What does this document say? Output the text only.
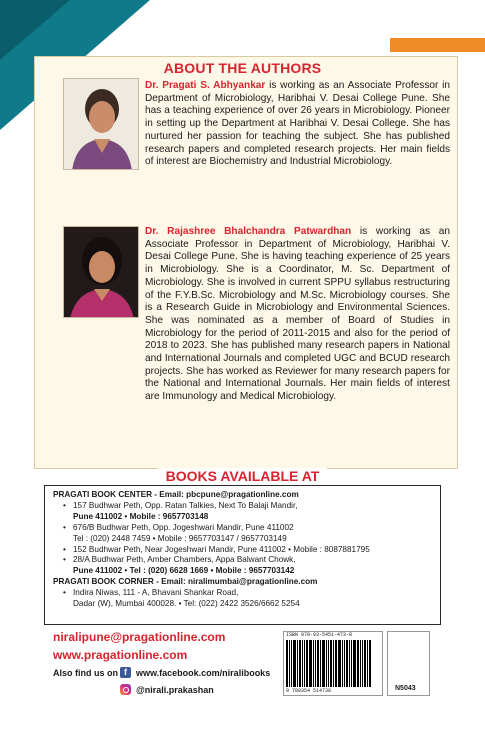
ABOUT THE AUTHORS
Dr. Pragati S. Abhyankar is working as an Associate Professor in Department of Microbiology, Haribhai V. Desai College Pune. She has a teaching experience of over 26 years in Microbiology. Pioneer in setting up the Department at Haribhai V. Desai College. She has nurtured her passion for teaching the subject. She has published research papers and completed research projects. Her main fields of interest are Biochemistry and Industrial Microbiology.
Dr. Rajashree Bhalchandra Patwardhan is working as an Associate Professor in Department of Microbiology, Haribhai V. Desai College Pune. She is having teaching experience of 25 years in Microbiology. She is a Coordinator, M. Sc. Department of Microbiology. She is involved in current SPPU syllabus restructuring of the F.Y.B.Sc. Microbiology and M.Sc. Microbiology courses. She is a Research Guide in Microbiology and Environmental Sciences. She was nominated as a member of Board of Studies in Microbiology for the period of 2011-2015 and also for the period of 2018 to 2023. She has published many research papers in National and International Journals and completed UGC and BCUD research projects. She has worked as Reviewer for many research papers for the National and International Journals. Her main fields of interest are Immunology and Medical Microbiology.
BOOKS AVAILABLE AT
PRAGATI BOOK CENTER - Email: pbcpune@pragationline.com
• 157 Budhwar Peth, Opp. Ratan Talkies, Next To Balaji Mandir,
Pune 411002 • Mobile : 9657703148
• 676/B Budhwar Peth, Opp. Jogeshwari Mandir, Pune 411002
Tel : (020) 2448 7459 • Mobile : 9657703147 / 9657703149
• 152 Budhwar Peth, Near Jogeshwari Mandir, Pune 411002 • Mobile : 8087881795
• 28/A Budhwar Peth, Amber Chambers, Appa Balwant Chowk,
Pune 411002 • Tel : (020) 6628 1669 • Mobile : 9657703142
PRAGATI BOOK CORNER - Email: niralimumbai@pragationline.com
• Indira Niwas, 111 - A, Bhavani Shankar Road,
Dadar (W), Mumbai 400028. • Tel: (022) 2422 3526/6662 5254
niralipune@pragationline.com
www.pragationline.com
Also find us on f	www.facebook.com/niralibooks
@nirali.prakashan
ISBN 978-93-5451-473-8
9 789354 514738	N5043
